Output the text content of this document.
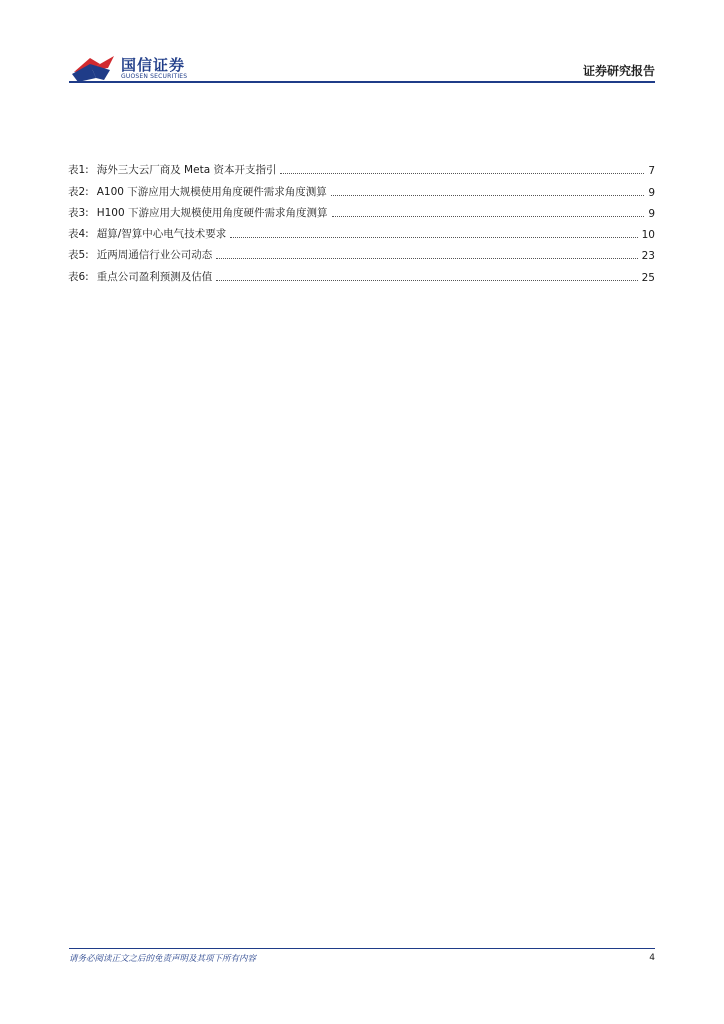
国信证券
GUOSEN SECURITIES	证券研究报告
表1: 海外三大云厂商及 Meta 资本开支指引	7
表2: A100 下游应用大规模使用角度硬件需求角度测算	9
表3: H100 下游应用大规模使用角度硬件需求角度测算	9
表4: 超算/智算中心电气技术要求	10
表5: 近两周通信行业公司动态	23
表6: 重点公司盈利预测及估值	25
请务必阅读正文之后的免责声明及其项下所有内容	4
